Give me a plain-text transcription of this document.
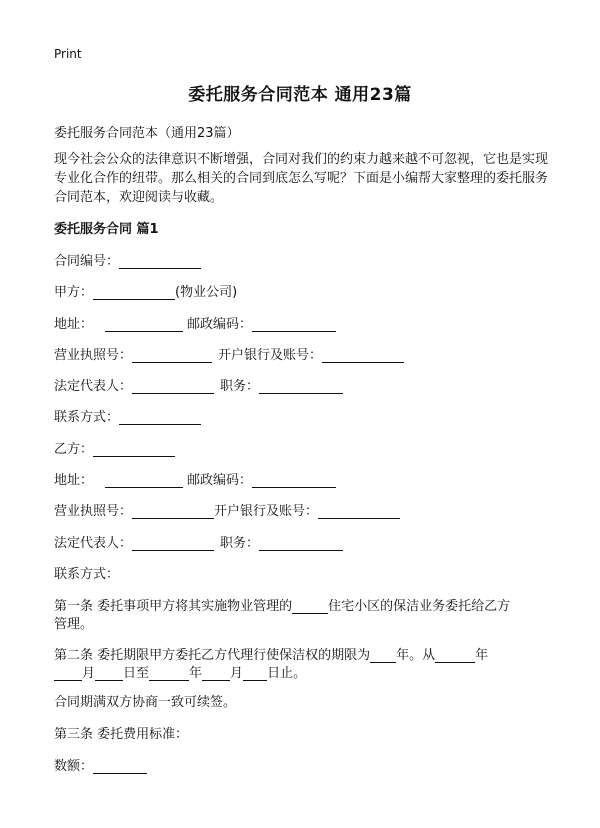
Print
委托服务合同范本 通用23篇
委托服务合同范本（通用23篇）
现今社会公众的法律意识不断增强，合同对我们的约束力越来越不可忽视，它也是实现专业化合作的纽带。那么相关的合同到底怎么写呢？下面是小编帮大家整理的委托服务合同范本，欢迎阅读与收藏。
委托服务合同 篇1
合同编号：
甲方：	(物业公司)
地址：	邮政编码：
营业执照号：	开户银行及账号：
法定代表人：	职务：
联系方式：
乙方：
地址：	邮政编码：
营业执照号：	开户银行及账号：
法定代表人：	职务：
联系方式：
第一条 委托事项甲方将其实施物业管理的	住宅小区的保洁业务委托给乙方
管理。
第二条 委托期限甲方委托乙方代理行使保洁权的期限为 年。从	年
月 日至	年 月 日止。
合同期满双方协商一致可续签。
第三条 委托费用标准：
数额：
